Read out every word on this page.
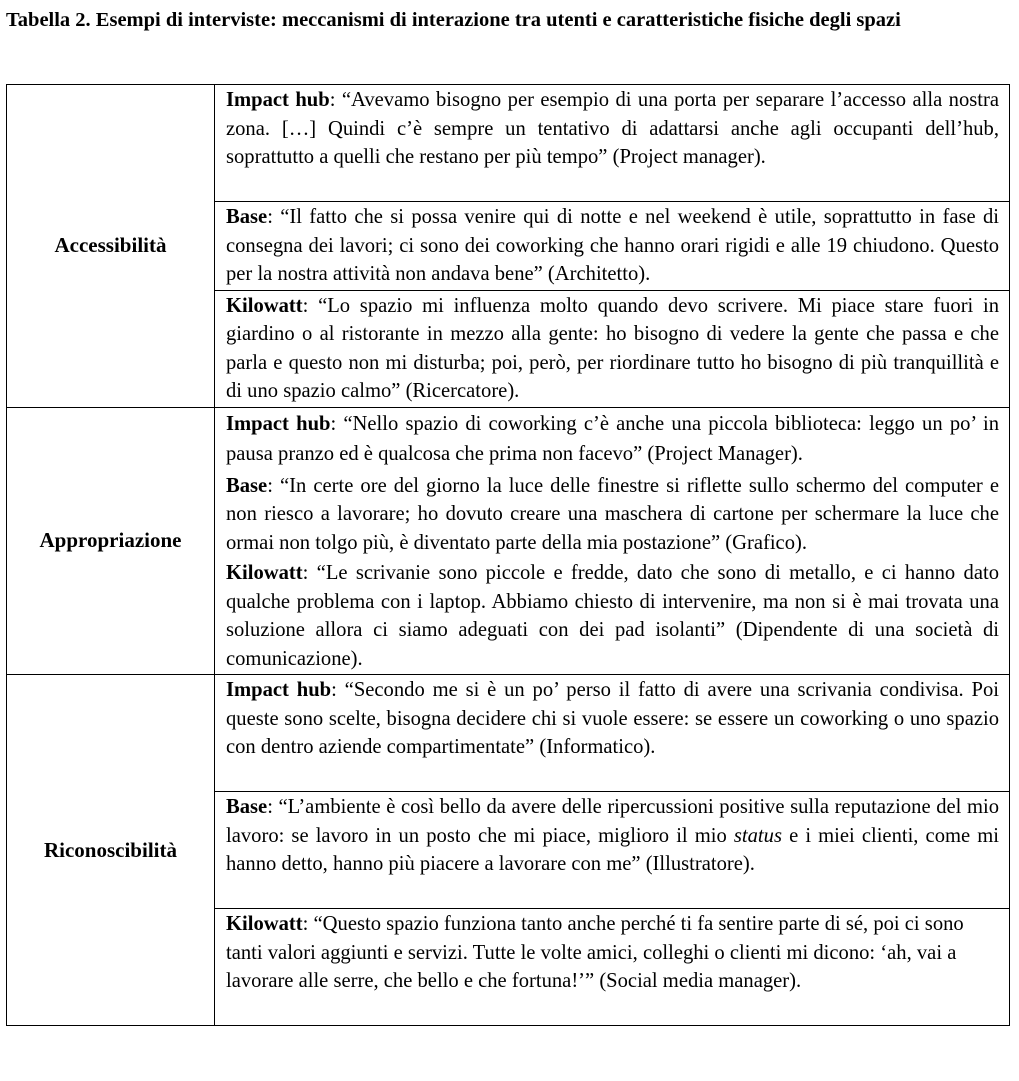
Tabella 2. Esempi di interviste: meccanismi di interazione tra utenti e caratteristiche fisiche degli spazi
Accessibilità	Impact hub: “Avevamo bisogno per esempio di una porta per separare l’accesso alla nostra zona. […] Quindi c’è sempre un tentativo di adattarsi anche agli occupanti dell’hub, soprattutto a quelli che restano per più tempo” (Project manager).
	Base: “Il fatto che si possa venire qui di notte e nel weekend è utile, soprattutto in fase di consegna dei lavori; ci sono dei coworking che hanno orari rigidi e alle 19 chiudono. Questo per la nostra attività non andava bene” (Architetto).
	Kilowatt: “Lo spazio mi influenza molto quando devo scrivere. Mi piace stare fuori in giardino o al ristorante in mezzo alla gente: ho bisogno di vedere la gente che passa e che parla e questo non mi disturba; poi, però, per riordinare tutto ho bisogno di più tranquillità e di uno spazio calmo” (Ricercatore).
Appropriazione	Impact hub: “Nello spazio di coworking c’è anche una piccola biblioteca: leggo un po’ in pausa pranzo ed è qualcosa che prima non facevo” (Project Manager).
	Base: “In certe ore del giorno la luce delle finestre si riflette sullo schermo del computer e non riesco a lavorare; ho dovuto creare una maschera di cartone per schermare la luce che ormai non tolgo più, è diventato parte della mia postazione” (Grafico).
	Kilowatt: “Le scrivanie sono piccole e fredde, dato che sono di metallo, e ci hanno dato qualche problema con i laptop. Abbiamo chiesto di intervenire, ma non si è mai trovata una soluzione allora ci siamo adeguati con dei pad isolanti” (Dipendente di una società di comunicazione).
Riconoscibilità	Impact hub: “Secondo me si è un po’ perso il fatto di avere una scrivania condivisa. Poi queste sono scelte, bisogna decidere chi si vuole essere: se essere un coworking o uno spazio con dentro aziende compartimentate” (Informatico).
	Base: “L’ambiente è così bello da avere delle ripercussioni positive sulla reputazione del mio lavoro: se lavoro in un posto che mi piace, miglioro il mio status e i miei clienti, come mi hanno detto, hanno più piacere a lavorare con me” (Illustratore).
	Kilowatt: “Questo spazio funziona tanto anche perché ti fa sentire parte di sé, poi ci sono tanti valori aggiunti e servizi. Tutte le volte amici, colleghi o clienti mi dicono: ‘ah, vai a lavorare alle serre, che bello e che fortuna!’” (Social media manager).
